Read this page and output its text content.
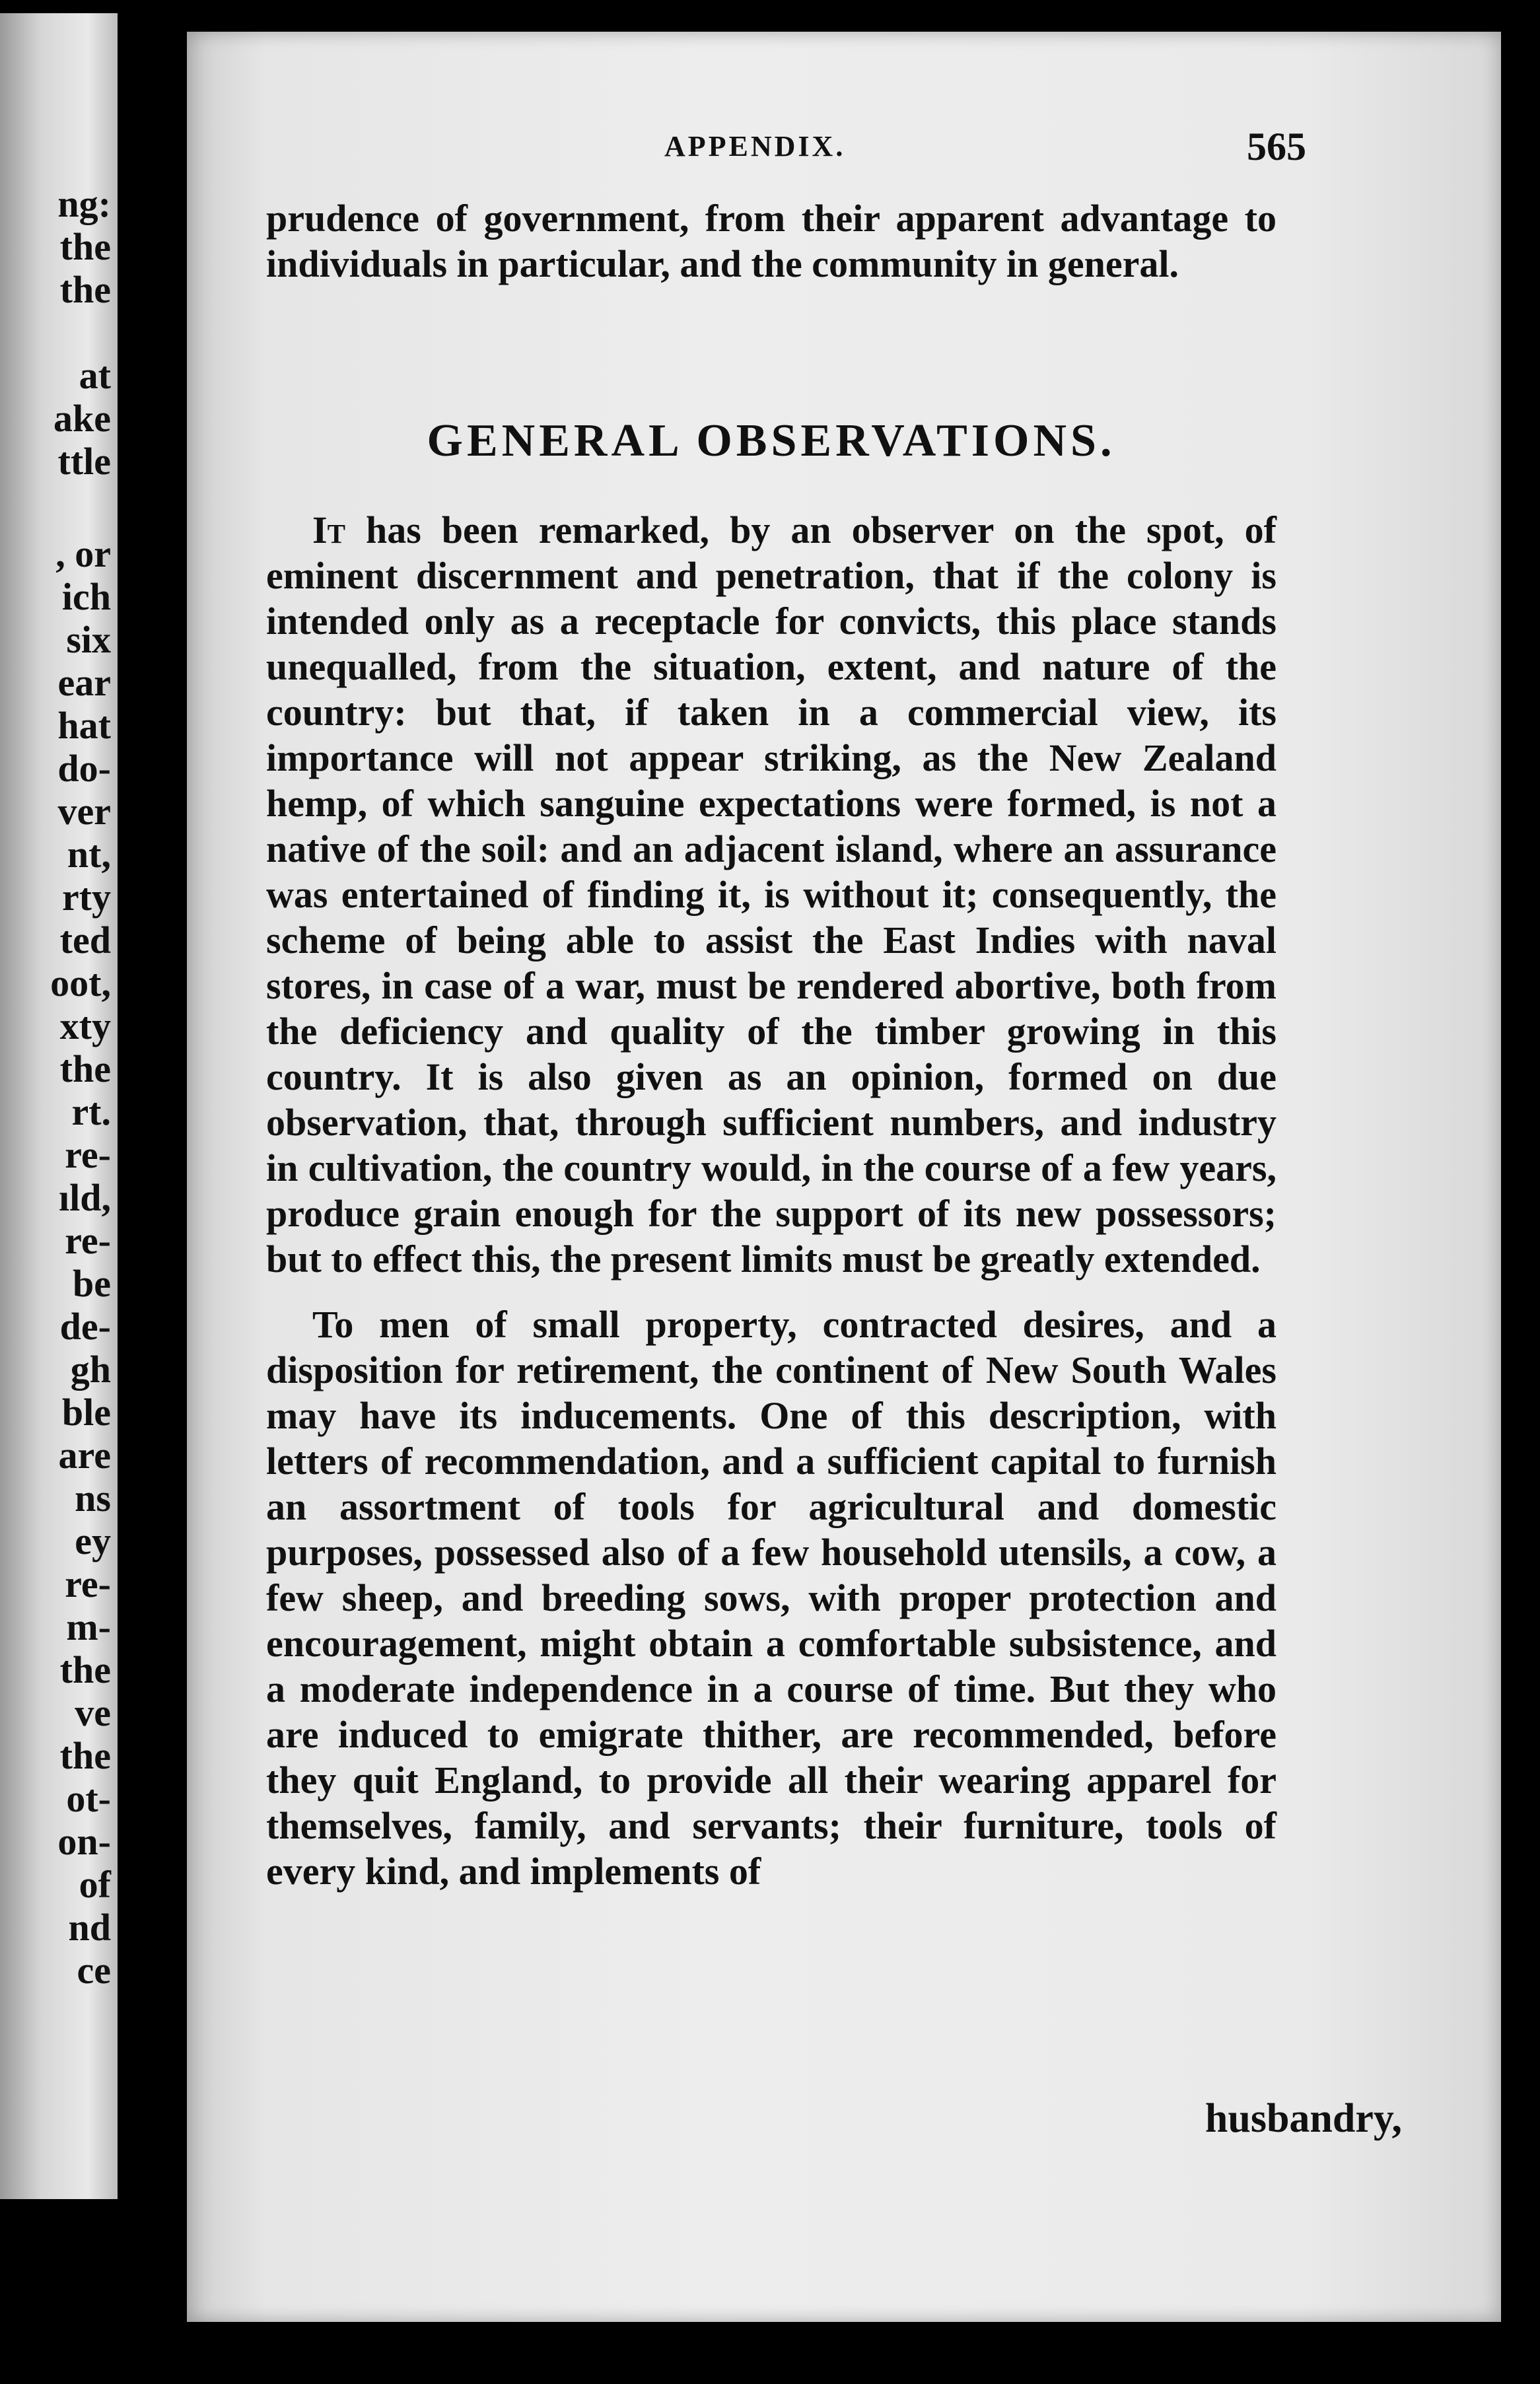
ng:
the
the
at
ake
ttle
, or
ich
six
ear
hat
do-
ver
nt,
rty
ted
oot,
xty
the
rt.
re-
ıld,
re-
be
de-
gh
ble
are
ns
ey
re-
m-
the
ve
the
ot-
on-
of
nd
ce
APPENDIX.	565

prudence of government, from their apparent advantage to individuals in particular, and the community in general.

GENERAL OBSERVATIONS.

It has been remarked, by an observer on the spot, of eminent discernment and penetration, that if the colony is intended only as a receptacle for convicts, this place stands unequalled, from the situation, extent, and nature of the country: but that, if taken in a commercial view, its importance will not appear striking, as the New Zealand hemp, of which sanguine expectations were formed, is not a native of the soil: and an adjacent island, where an assurance was entertained of finding it, is without it; consequently, the scheme of being able to assist the East Indies with naval stores, in case of a war, must be rendered abortive, both from the deficiency and quality of the timber growing in this country. It is also given as an opinion, formed on due observation, that, through sufficient numbers, and industry in cultivation, the country would, in the course of a few years, produce grain enough for the support of its new possessors; but to effect this, the present limits must be greatly extended.

To men of small property, contracted desires, and a disposition for retirement, the continent of New South Wales may have its inducements. One of this description, with letters of recommendation, and a sufficient capital to furnish an assortment of tools for agricultural and domestic purposes, possessed also of a few household utensils, a cow, a few sheep, and breeding sows, with proper protection and encouragement, might obtain a comfortable subsistence, and a moderate independence in a course of time. But they who are induced to emigrate thither, are recommended, before they quit England, to provide all their wearing apparel for themselves, family, and servants; their furniture, tools of every kind, and implements of

husbandry,
